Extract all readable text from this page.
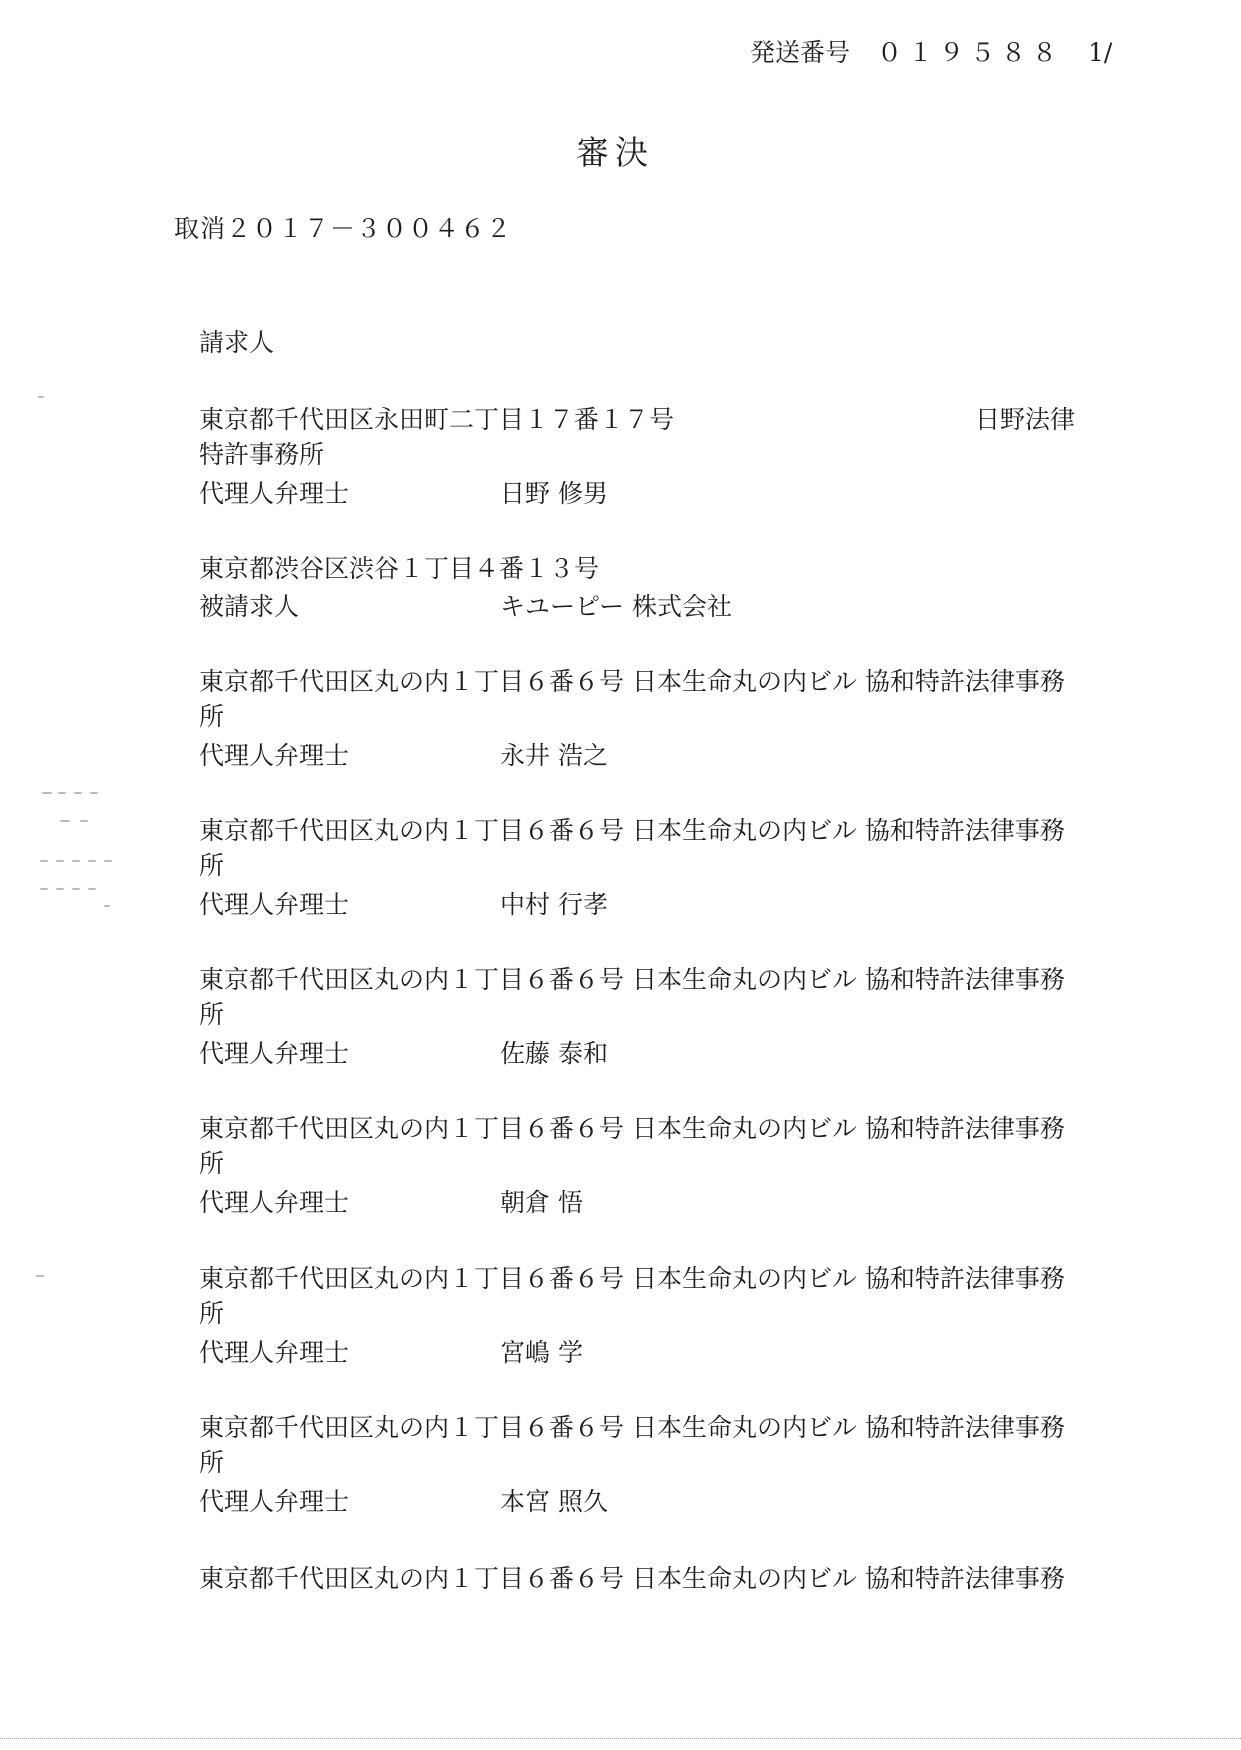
発送番号 ０１９５８８ 1/
審決
取消２０１７－３００４６２
請求人
東京都千代田区永田町二丁目１７番１７号	日野法律
特許事務所
代理人弁理士	日野 修男
東京都渋谷区渋谷１丁目４番１３号
被請求人	キユーピー 株式会社
東京都千代田区丸の内１丁目６番６号 日本生命丸の内ビル 協和特許法律事務
所
代理人弁理士	永井 浩之
東京都千代田区丸の内１丁目６番６号 日本生命丸の内ビル 協和特許法律事務
所
代理人弁理士	中村 行孝
東京都千代田区丸の内１丁目６番６号 日本生命丸の内ビル 協和特許法律事務
所
代理人弁理士	佐藤 泰和
東京都千代田区丸の内１丁目６番６号 日本生命丸の内ビル 協和特許法律事務
所
代理人弁理士	朝倉 悟
東京都千代田区丸の内１丁目６番６号 日本生命丸の内ビル 協和特許法律事務
所
代理人弁理士	宮嶋 学
東京都千代田区丸の内１丁目６番６号 日本生命丸の内ビル 協和特許法律事務
所
代理人弁理士	本宮 照久
東京都千代田区丸の内１丁目６番６号 日本生命丸の内ビル 協和特許法律事務
